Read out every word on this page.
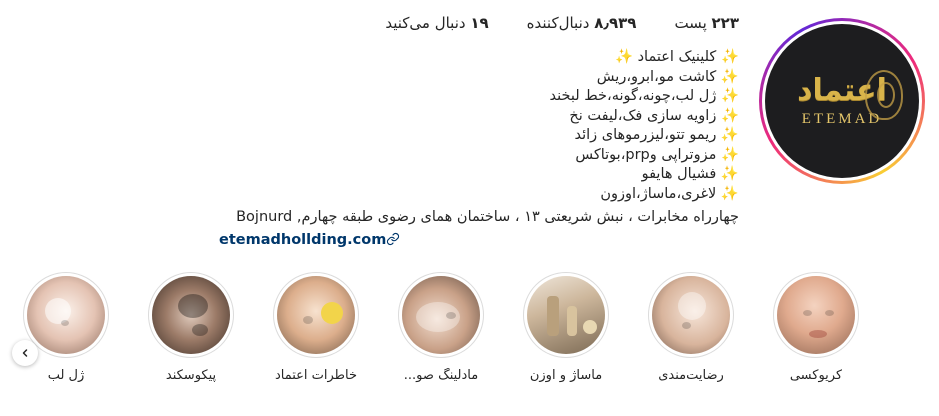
اعتماد
ETEMAD
۲۲۳ پست
۸٫۹۳۹ دنبال‌کننده
۱۹ دنبال می‌کنید
✨ کلینیک اعتماد ✨
✨ کاشت مو،ابرو،ریش
✨ ژل لب،چونه،گونه،خط لبخند
✨ زاویه سازی فک،لیفت نخ
✨ ریمو تتو،لیزرموهای زائد
✨ مزوتراپی وprp،بوتاکس
✨ فشیال هایفو
✨ لاغری،ماساژ،اوزون
چهارراه مخابرات ، نبش شریعتی ۱۳ ، ساختمان همای رضوی طبقه چهارم, Bojnurd
etemadhollding.com
ژل لب	پیکوسکند	خاطرات اعتماد	مادلینگ صو...	ماساژ و اوزن	رضایت‌مندی	کریوکسی
